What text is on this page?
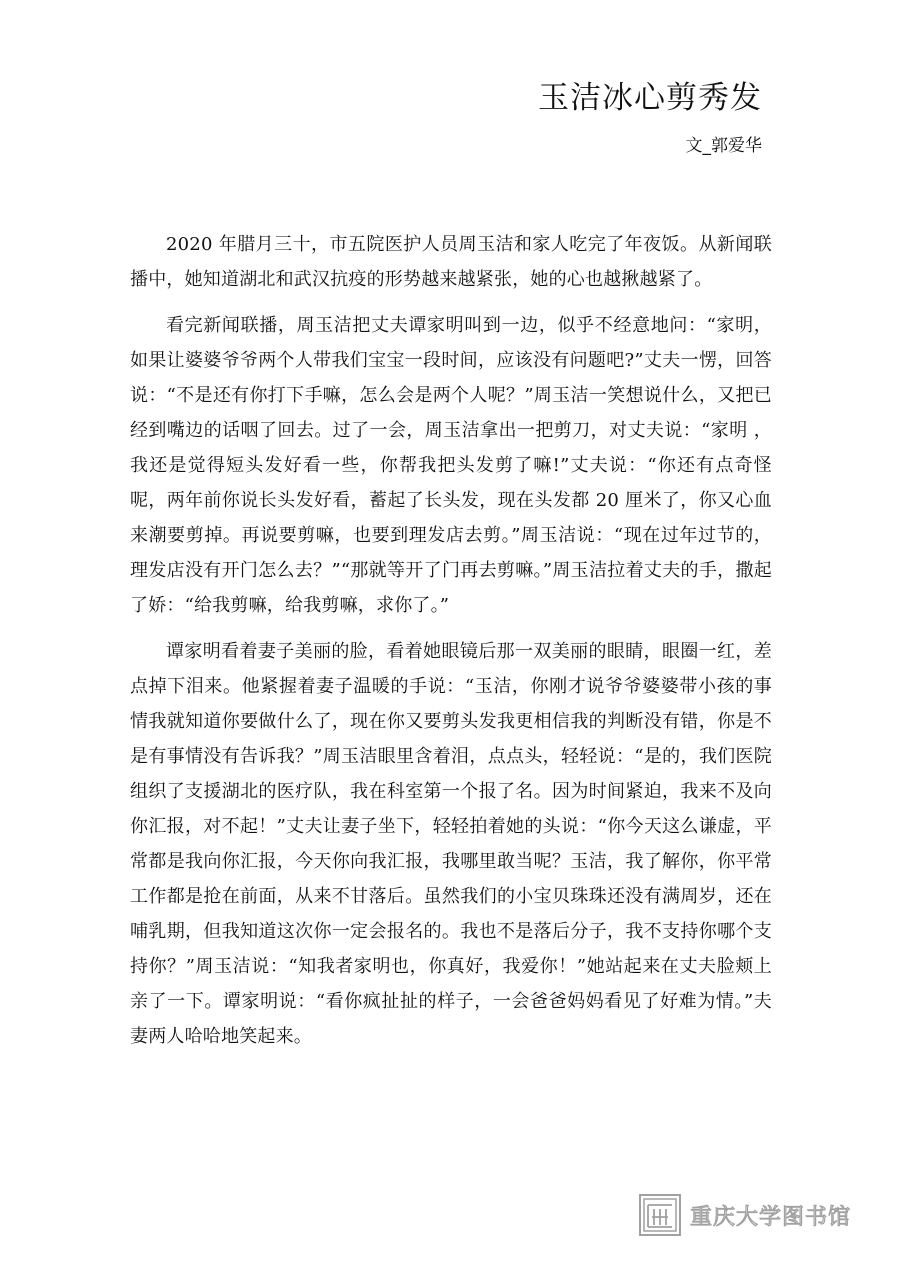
玉洁冰心剪秀发
文_郭爱华

2020 年腊月三十，市五院医护人员周玉洁和家人吃完了年夜饭。从新闻联播中，她知道湖北和武汉抗疫的形势越来越紧张，她的心也越揪越紧了。

看完新闻联播，周玉洁把丈夫谭家明叫到一边，似乎不经意地问：“家明，如果让婆婆爷爷两个人带我们宝宝一段时间，应该没有问题吧?”丈夫一愣，回答说：“不是还有你打下手嘛，怎么会是两个人呢？”周玉洁一笑想说什么，又把已经到嘴边的话咽了回去。过了一会，周玉洁拿出一把剪刀，对丈夫说：“家明 ，我还是觉得短头发好看一些，你帮我把头发剪了嘛!”丈夫说：“你还有点奇怪呢，两年前你说长头发好看，蓄起了长头发，现在头发都 20 厘米了，你又心血来潮要剪掉。再说要剪嘛，也要到理发店去剪。”周玉洁说：“现在过年过节的，理发店没有开门怎么去？”“那就等开了门再去剪嘛。”周玉洁拉着丈夫的手，撒起了娇：“给我剪嘛，给我剪嘛，求你了。”

谭家明看着妻子美丽的脸，看着她眼镜后那一双美丽的眼睛，眼圈一红，差点掉下泪来。他紧握着妻子温暖的手说：“玉洁，你刚才说爷爷婆婆带小孩的事情我就知道你要做什么了，现在你又要剪头发我更相信我的判断没有错，你是不是有事情没有告诉我？”周玉洁眼里含着泪，点点头，轻轻说：“是的，我们医院组织了支援湖北的医疗队，我在科室第一个报了名。因为时间紧迫，我来不及向你汇报，对不起！”丈夫让妻子坐下，轻轻拍着她的头说：“你今天这么谦虚，平常都是我向你汇报，今天你向我汇报，我哪里敢当呢？玉洁，我了解你，你平常工作都是抢在前面，从来不甘落后。虽然我们的小宝贝珠珠还没有满周岁，还在哺乳期，但我知道这次你一定会报名的。我也不是落后分子，我不支持你哪个支持你？”周玉洁说：“知我者家明也，你真好，我爱你！”她站起来在丈夫脸颊上亲了一下。谭家明说：“看你疯扯扯的样子，一会爸爸妈妈看见了好难为情。”夫妻两人哈哈地笑起来。

重庆大学图书馆
